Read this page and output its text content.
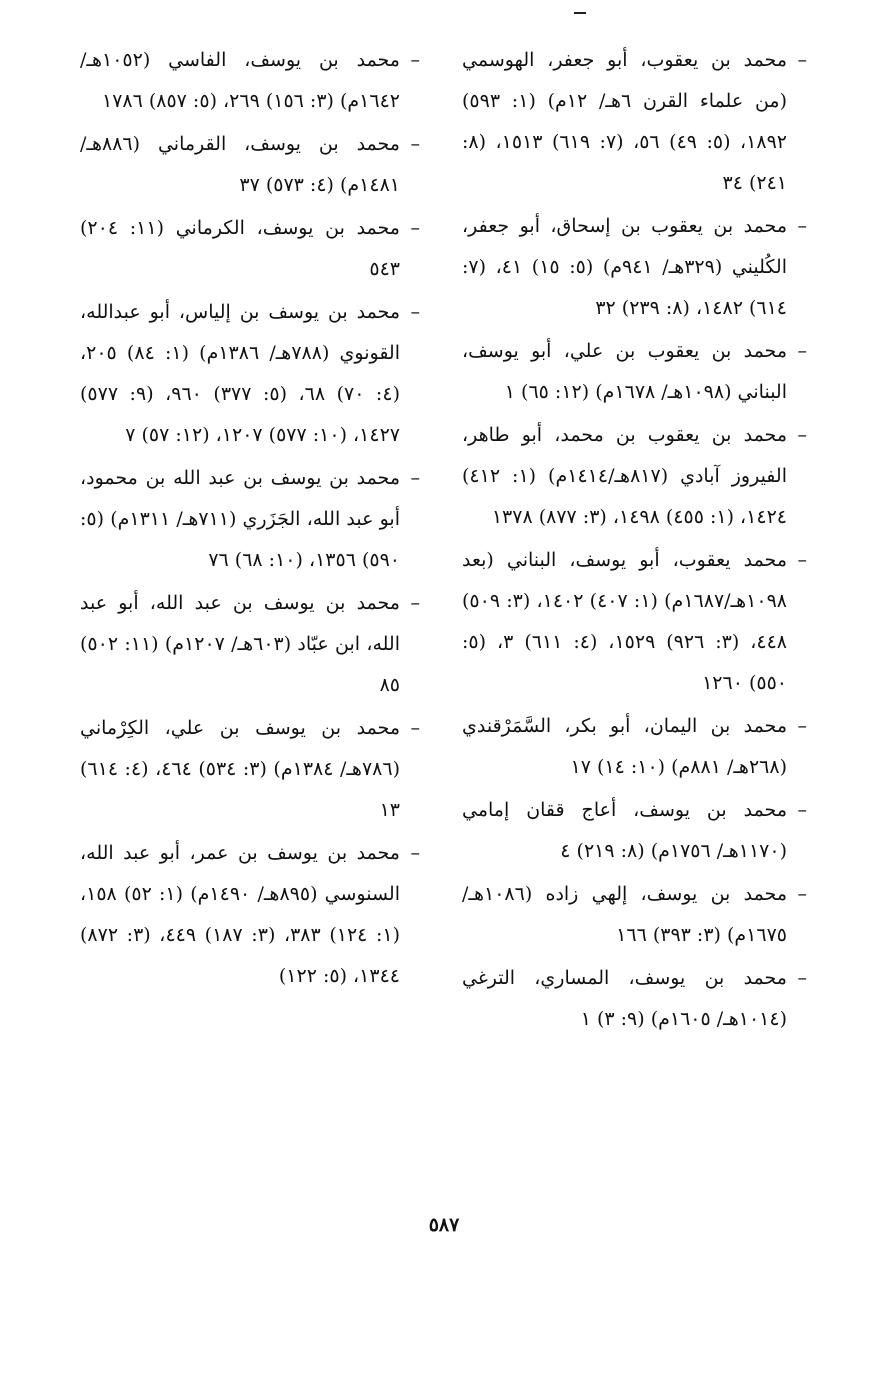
– محمد بن يعقوب، أبو جعفر، الهوسمي (من علماء القرن ٦هـ/ ١٢م) (١: ٥٩٣) ١٨٩٢، (٥: ٤٩) ٥٦، (٧: ٦١٩) ١٥١٣، (٨: ٢٤١) ٣٤
– محمد بن يعقوب بن إسحاق، أبو جعفر، الكُليني (٣٢٩هـ/ ٩٤١م) (٥: ١٥) ٤١، (٧: ٦١٤) ١٤٨٢، (٨: ٢٣٩) ٣٢
– محمد بن يعقوب بن علي، أبو يوسف، البناني (١٠٩٨هـ/ ١٦٧٨م) (١٢: ٦٥) ١
– محمد بن يعقوب بن محمد، أبو طاهر، الفيروز آبادي (٨١٧هـ/١٤١٤م) (١: ٤١٢) ١٤٢٤، (١: ٤٥٥) ١٤٩٨، (٣: ٨٧٧) ١٣٧٨
– محمد يعقوب، أبو يوسف، البناني (بعد ١٠٩٨هـ/١٦٨٧م) (١: ٤٠٧) ١٤٠٢، (٣: ٥٠٩) ٤٤٨، (٣: ٩٢٦) ١٥٢٩، (٤: ٦١١) ٣، (٥: ٥٥٠) ١٢٦٠
– محمد بن اليمان، أبو بكر، السَّمَرْقندي (٢٦٨هـ/ ٨٨١م) (١٠: ١٤) ١٧
– محمد بن يوسف، أعاج ققان إمامي (١١٧٠هـ/ ١٧٥٦م) (٨: ٢١٩) ٤
– محمد بن يوسف، إلهي زاده (١٠٨٦هـ/ ١٦٧٥م) (٣: ٣٩٣) ١٦٦
– محمد بن يوسف، المساري، الترغي (١٠١٤هـ/ ١٦٠٥م) (٩: ٣) ١
– محمد بن يوسف، الفاسي (١٠٥٢هـ/ ١٦٤٢م) (٣: ١٥٦) ٢٦٩، (٥: ٨٥٧) ١٧٨٦
– محمد بن يوسف، القرماني (٨٨٦هـ/ ١٤٨١م) (٤: ٥٧٣) ٣٧
– محمد بن يوسف، الكرماني (١١: ٢٠٤) ٥٤٣
– محمد بن يوسف بن إلياس، أبو عبدالله، القونوي (٧٨٨هـ/ ١٣٨٦م) (١: ٨٤) ٢٠٥، (٤: ٧٠) ٦٨، (٥: ٣٧٧) ٩٦٠، (٩: ٥٧٧) ١٤٢٧، (١٠: ٥٧٧) ١٢٠٧، (١٢: ٥٧) ٧
– محمد بن يوسف بن عبد الله بن محمود، أبو عبد الله، الجَزَري (٧١١هـ/ ١٣١١م) (٥: ٥٩٠) ١٣٥٦، (١٠: ٦٨) ٧٦
– محمد بن يوسف بن عبد الله، أبو عبد الله، ابن عبّاد (٦٠٣هـ/ ١٢٠٧م) (١١: ٥٠٢) ٨٥
– محمد بن يوسف بن علي، الكِرْماني (٧٨٦هـ/ ١٣٨٤م) (٣: ٥٣٤) ٤٦٤، (٤: ٦١٤) ١٣
– محمد بن يوسف بن عمر، أبو عبد الله، السنوسي (٨٩٥هـ/ ١٤٩٠م) (١: ٥٢) ١٥٨، (١: ١٢٤) ٣٨٣، (٣: ١٨٧) ٤٤٩، (٣: ٨٧٢) ١٣٤٤، (٥: ١٢٢)
٥٨٧
